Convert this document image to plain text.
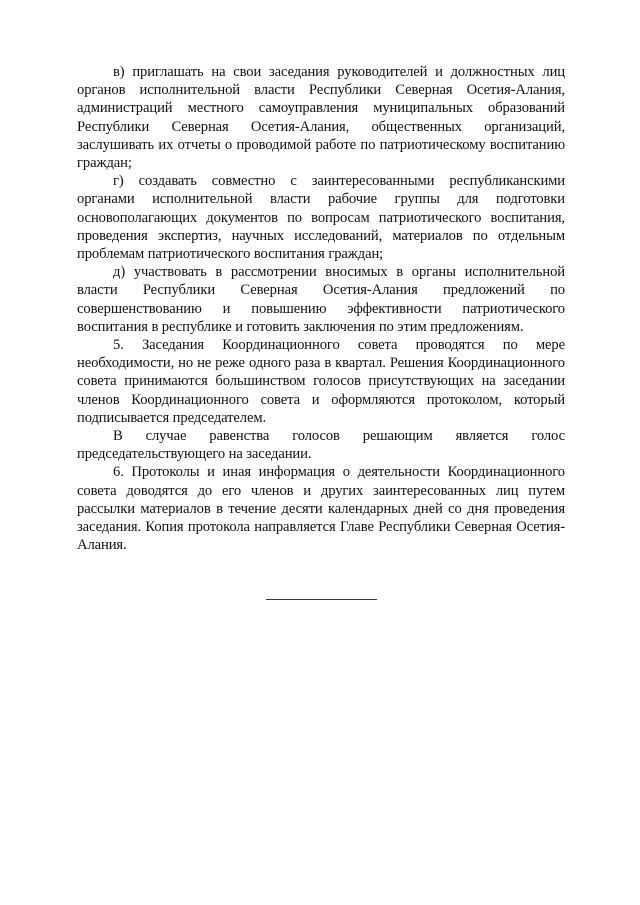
в) приглашать на свои заседания руководителей и должностных лиц органов исполнительной власти Республики Северная Осетия-Алания, администраций местного самоуправления муниципальных образований Республики Северная Осетия-Алания, общественных организаций, заслушивать их отчеты о проводимой работе по патриотическому воспитанию граждан;

г) создавать совместно с заинтересованными республиканскими органами исполнительной власти рабочие группы для подготовки основополагающих документов по вопросам патриотического воспитания, проведения экспертиз, научных исследований, материалов по отдельным проблемам патриотического воспитания граждан;

д) участвовать в рассмотрении вносимых в органы исполнительной власти Республики Северная Осетия-Алания предложений по совершенствованию и повышению эффективности патриотического воспитания в республике и готовить заключения по этим предложениям.

5. Заседания Координационного совета проводятся по мере необходимости, но не реже одного раза в квартал. Решения Координационного совета принимаются большинством голосов присутствующих на заседании членов Координационного совета и оформляются протоколом, который подписывается председателем.

В случае равенства голосов решающим является голос председательствующего на заседании.

6. Протоколы и иная информация о деятельности Координационного совета доводятся до его членов и других заинтересованных лиц путем рассылки материалов в течение десяти календарных дней со дня проведения заседания. Копия протокола направляется Главе Республики Северная Осетия-Алания.
